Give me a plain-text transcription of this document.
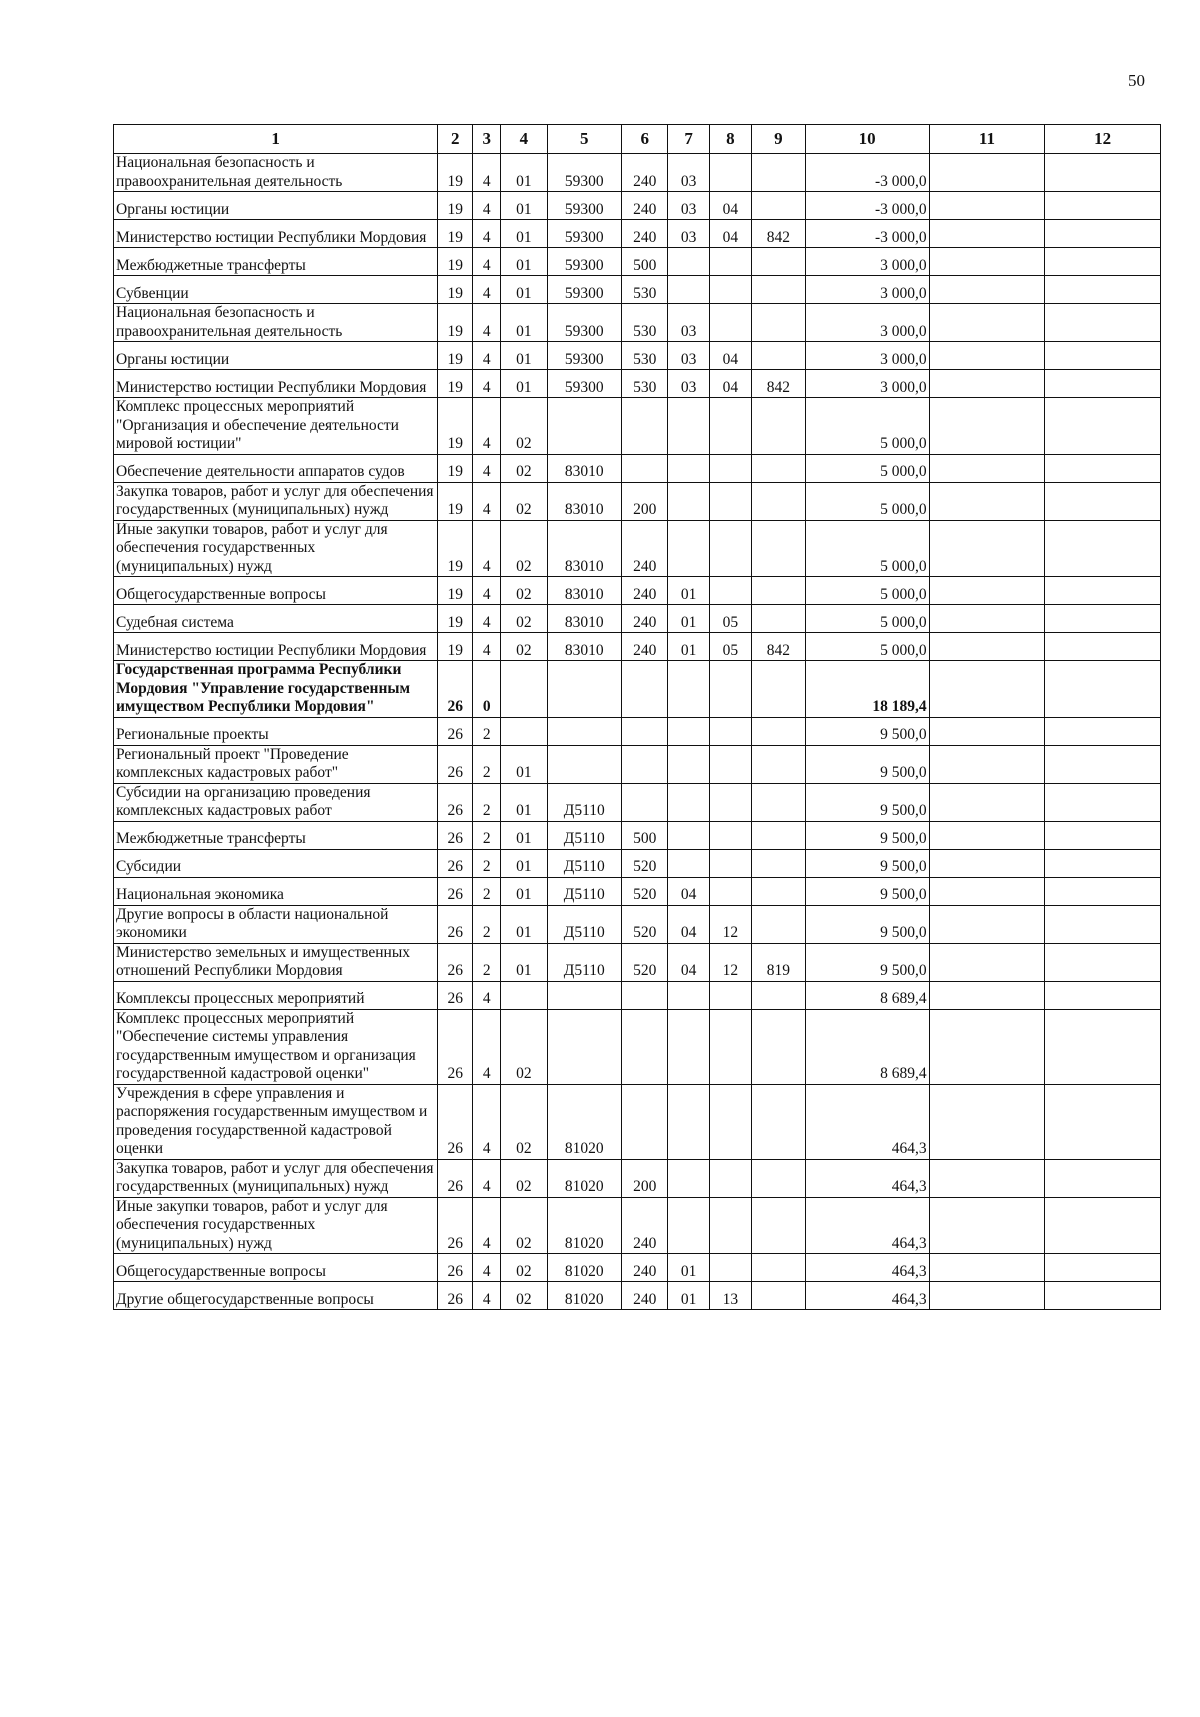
50
1	2	3	4	5	6	7	8	9	10	11	12
Национальная безопасность и правоохранительная деятельность	19	4	01	59300	240	03			-3 000,0		
Органы юстиции	19	4	01	59300	240	03	04		-3 000,0		
Министерство юстиции Республики Мордовия	19	4	01	59300	240	03	04	842	-3 000,0		
Межбюджетные трансферты	19	4	01	59300	500				3 000,0		
Субвенции	19	4	01	59300	530				3 000,0		
Национальная безопасность и правоохранительная деятельность	19	4	01	59300	530	03			3 000,0		
Органы юстиции	19	4	01	59300	530	03	04		3 000,0		
Министерство юстиции Республики Мордовия	19	4	01	59300	530	03	04	842	3 000,0		
Комплекс процессных мероприятий "Организация и обеспечение деятельности мировой юстиции"	19	4	02						5 000,0		
Обеспечение деятельности аппаратов судов	19	4	02	83010					5 000,0		
Закупка товаров, работ и услуг для обеспечения государственных (муниципальных) нужд	19	4	02	83010	200				5 000,0		
Иные закупки товаров, работ и услуг для обеспечения государственных (муниципальных) нужд	19	4	02	83010	240				5 000,0		
Общегосударственные вопросы	19	4	02	83010	240	01			5 000,0		
Судебная система	19	4	02	83010	240	01	05		5 000,0		
Министерство юстиции Республики Мордовия	19	4	02	83010	240	01	05	842	5 000,0		
Государственная программа Республики Мордовия "Управление государственным имуществом Республики Мордовия"	26	0							18 189,4		
Региональные проекты	26	2							9 500,0		
Региональный проект "Проведение комплексных кадастровых работ"	26	2	01						9 500,0		
Субсидии на организацию проведения комплексных кадастровых работ	26	2	01	Д5110					9 500,0		
Межбюджетные трансферты	26	2	01	Д5110	500				9 500,0		
Субсидии	26	2	01	Д5110	520				9 500,0		
Национальная экономика	26	2	01	Д5110	520	04			9 500,0		
Другие вопросы в области национальной экономики	26	2	01	Д5110	520	04	12		9 500,0		
Министерство земельных и имущественных отношений Республики Мордовия	26	2	01	Д5110	520	04	12	819	9 500,0		
Комплексы процессных мероприятий	26	4							8 689,4		
Комплекс процессных мероприятий "Обеспечение системы управления государственным имуществом и организация государственной кадастровой оценки"	26	4	02						8 689,4		
Учреждения в сфере управления и распоряжения государственным имуществом и проведения государственной кадастровой оценки	26	4	02	81020					464,3		
Закупка товаров, работ и услуг для обеспечения государственных (муниципальных) нужд	26	4	02	81020	200				464,3		
Иные закупки товаров, работ и услуг для обеспечения государственных (муниципальных) нужд	26	4	02	81020	240				464,3		
Общегосударственные вопросы	26	4	02	81020	240	01			464,3		
Другие общегосударственные вопросы	26	4	02	81020	240	01	13		464,3		
